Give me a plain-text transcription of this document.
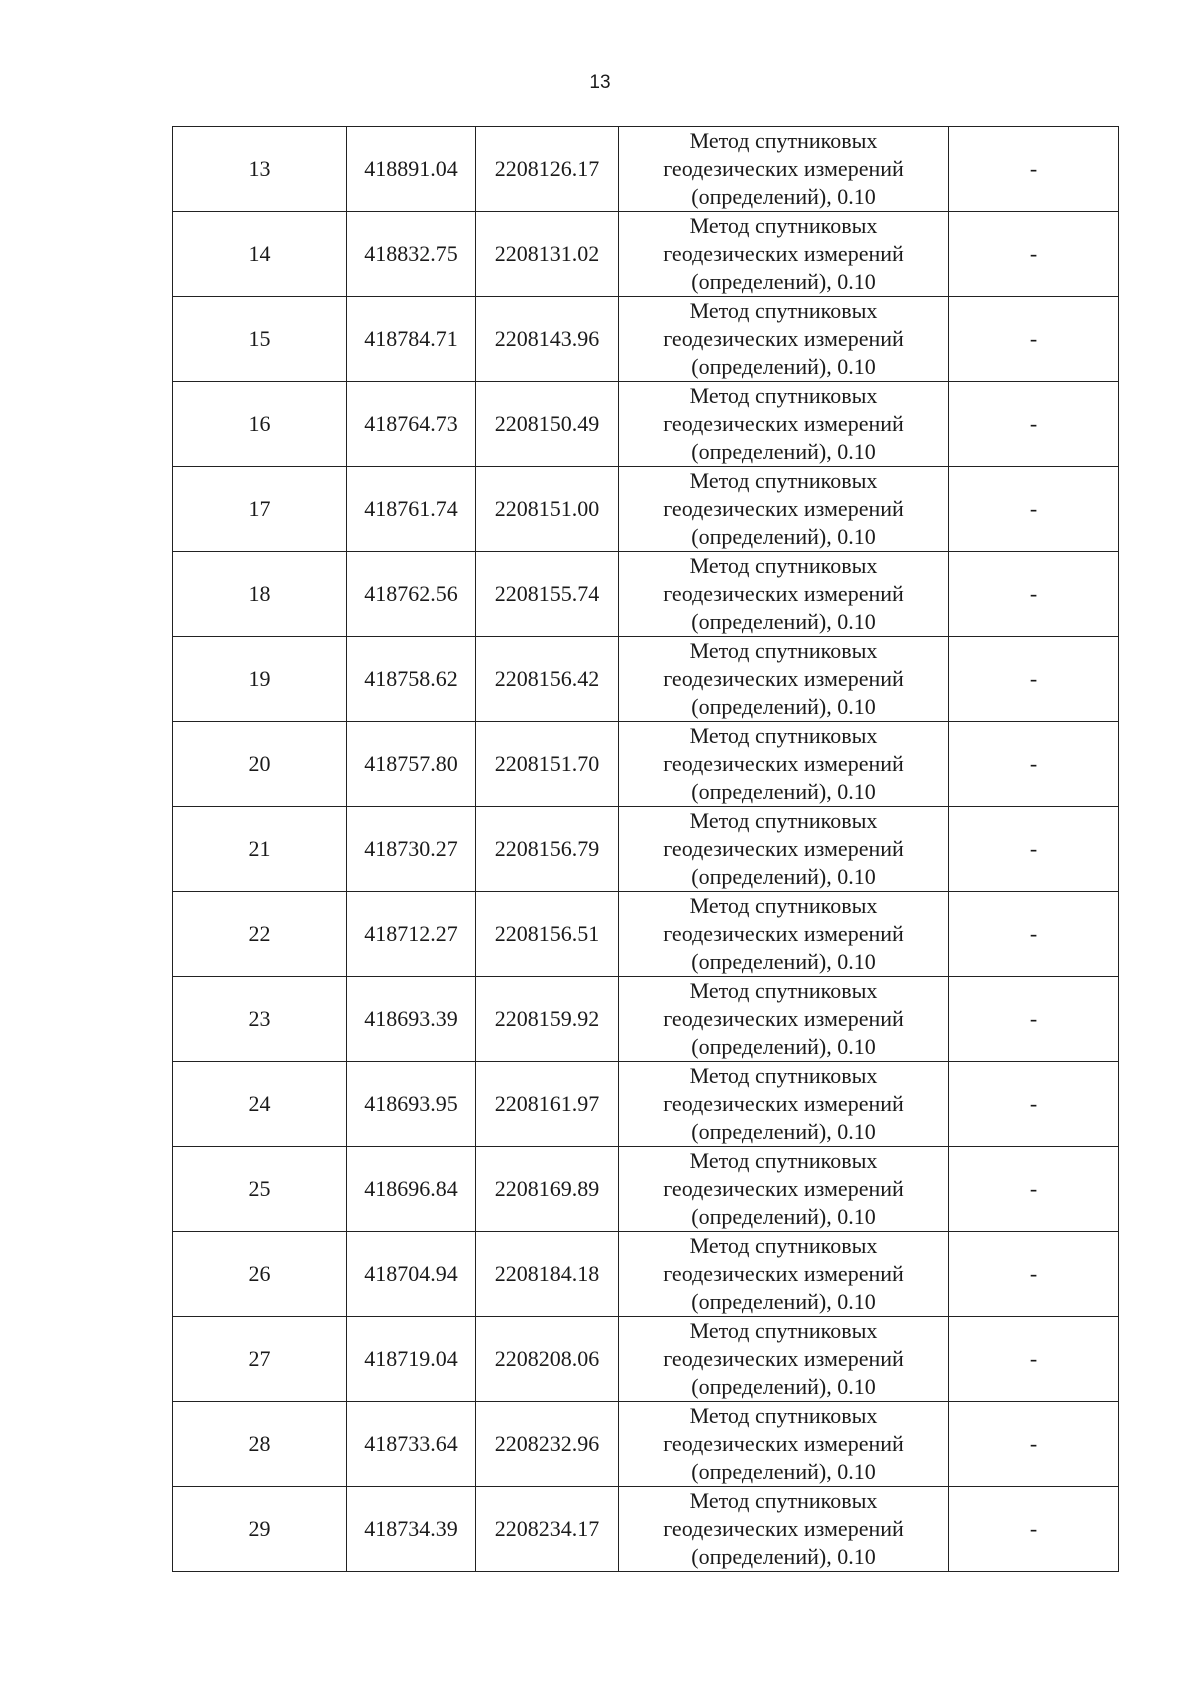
13
13	418891.04	2208126.17	Метод спутниковых
геодезических измерений
(определений), 0.10	-
14	418832.75	2208131.02	Метод спутниковых
геодезических измерений
(определений), 0.10	-
15	418784.71	2208143.96	Метод спутниковых
геодезических измерений
(определений), 0.10	-
16	418764.73	2208150.49	Метод спутниковых
геодезических измерений
(определений), 0.10	-
17	418761.74	2208151.00	Метод спутниковых
геодезических измерений
(определений), 0.10	-
18	418762.56	2208155.74	Метод спутниковых
геодезических измерений
(определений), 0.10	-
19	418758.62	2208156.42	Метод спутниковых
геодезических измерений
(определений), 0.10	-
20	418757.80	2208151.70	Метод спутниковых
геодезических измерений
(определений), 0.10	-
21	418730.27	2208156.79	Метод спутниковых
геодезических измерений
(определений), 0.10	-
22	418712.27	2208156.51	Метод спутниковых
геодезических измерений
(определений), 0.10	-
23	418693.39	2208159.92	Метод спутниковых
геодезических измерений
(определений), 0.10	-
24	418693.95	2208161.97	Метод спутниковых
геодезических измерений
(определений), 0.10	-
25	418696.84	2208169.89	Метод спутниковых
геодезических измерений
(определений), 0.10	-
26	418704.94	2208184.18	Метод спутниковых
геодезических измерений
(определений), 0.10	-
27	418719.04	2208208.06	Метод спутниковых
геодезических измерений
(определений), 0.10	-
28	418733.64	2208232.96	Метод спутниковых
геодезических измерений
(определений), 0.10	-
29	418734.39	2208234.17	Метод спутниковых
геодезических измерений
(определений), 0.10	-
